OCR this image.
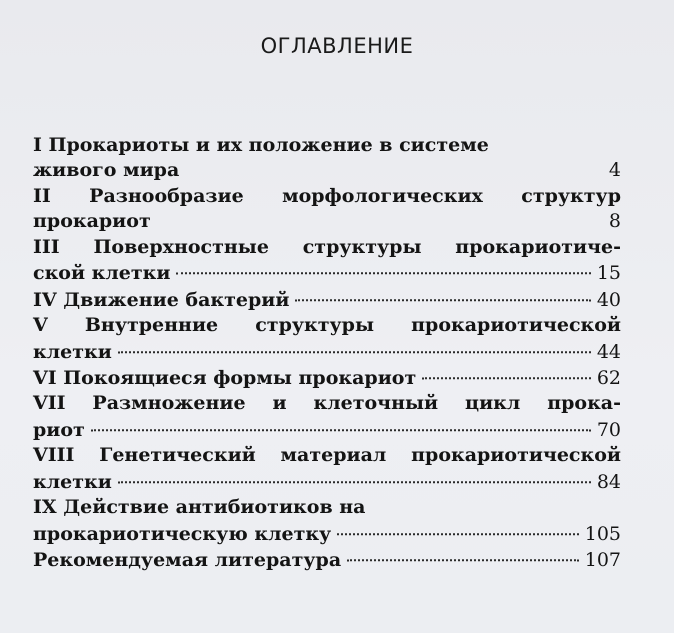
ОГЛАВЛЕНИЕ
I Прокариоты и их положение в системе
живого мира	4
II Разнообразие морфологических структур
прокариот	8
III Поверхностные структуры прокариотиче-
ской клетки	15
IV Движение бактерий	40
V Внутренние структуры прокариотической
клетки	44
VI Покоящиеся формы прокариот	62
VII Размножение и клеточный цикл прока-
риот	70
VIII Генетический материал прокариотической
клетки	84
IX Действие антибиотиков на
прокариотическую клетку	105
Рекомендуемая литература	107
